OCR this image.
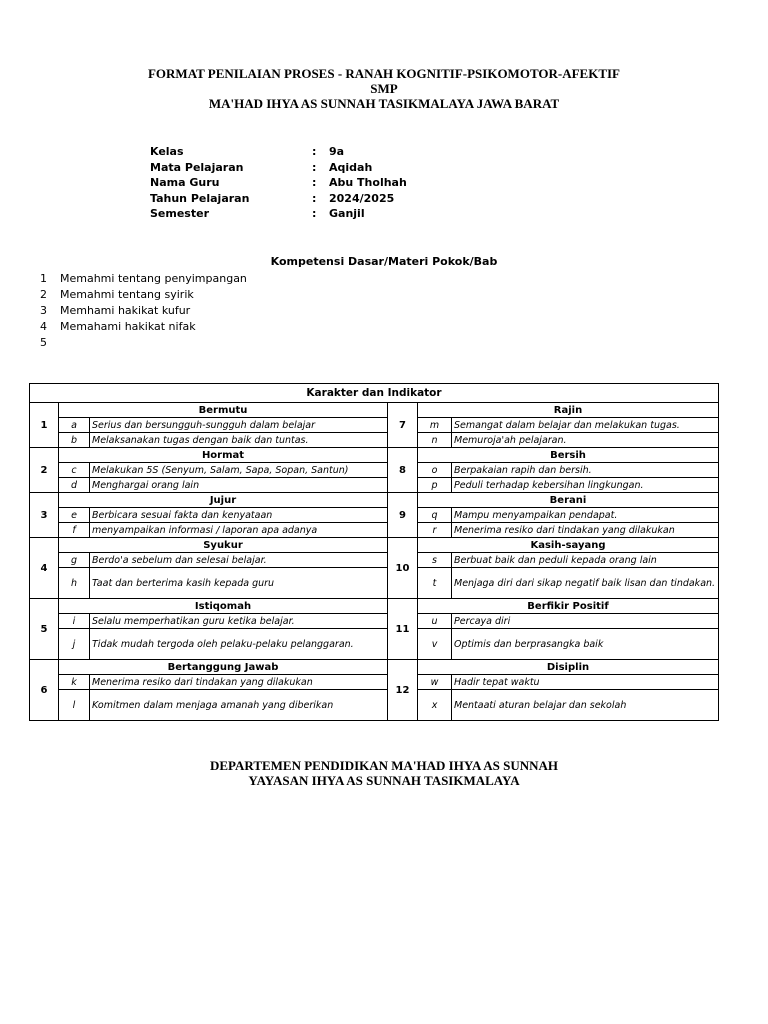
FORMAT PENILAIAN PROSES - RANAH KOGNITIF-PSIKOMOTOR-AFEKTIF
SMP
MA'HAD IHYA AS SUNNAH TASIKMALAYA JAWA BARAT
Kelas	:	9a
Mata Pelajaran	:	Aqidah
Nama Guru	:	Abu Tholhah
Tahun Pelajaran	:	2024/2025
Semester	:	Ganjil
Kompetensi Dasar/Materi Pokok/Bab
1	Memahmi tentang penyimpangan
2	Memahmi tentang syirik
3	Memhami hakikat kufur
4	Memahami hakikat nifak
5
Karakter dan Indikator					
1	Bermutu		7	Rajin	
	a	Serius dan bersungguh-sungguh dalam belajar		m	Semangat dalam belajar dan melakukan tugas.
	b	Melaksanakan tugas dengan baik dan tuntas.		n	Memuroja'ah pelajaran.
2	Hormat		8	Bersih	
	c	Melakukan 5S (Senyum, Salam, Sapa, Sopan, Santun)		o	Berpakaian rapih dan bersih.
	d	Menghargai orang lain		p	Peduli terhadap kebersihan lingkungan.
3	Jujur		9	Berani	
	e	Berbicara sesuai fakta dan kenyataan		q	Mampu menyampaikan pendapat.
	f	menyampaikan informasi / laporan apa adanya		r	Menerima resiko dari tindakan yang dilakukan
4	Syukur		10	Kasih-sayang	
	g	Berdo'a sebelum dan selesai belajar.		s	Berbuat baik dan peduli kepada orang lain
	h	Taat dan berterima kasih kepada guru		t	Menjaga diri dari sikap negatif baik lisan dan tindakan.
5	Istiqomah		11	Berfikir Positif	
	i	Selalu memperhatikan guru ketika belajar.		u	Percaya diri
	j	Tidak mudah tergoda oleh pelaku-pelaku pelanggaran.		v	Optimis dan berprasangka baik
6	Bertanggung Jawab		12	Disiplin	
	k	Menerima resiko dari tindakan yang dilakukan		w	Hadir tepat waktu
	l	Komitmen dalam menjaga amanah yang diberikan		x	Mentaati aturan belajar dan sekolah
DEPARTEMEN PENDIDIKAN MA'HAD IHYA AS SUNNAH
YAYASAN IHYA AS SUNNAH TASIKMALAYA
